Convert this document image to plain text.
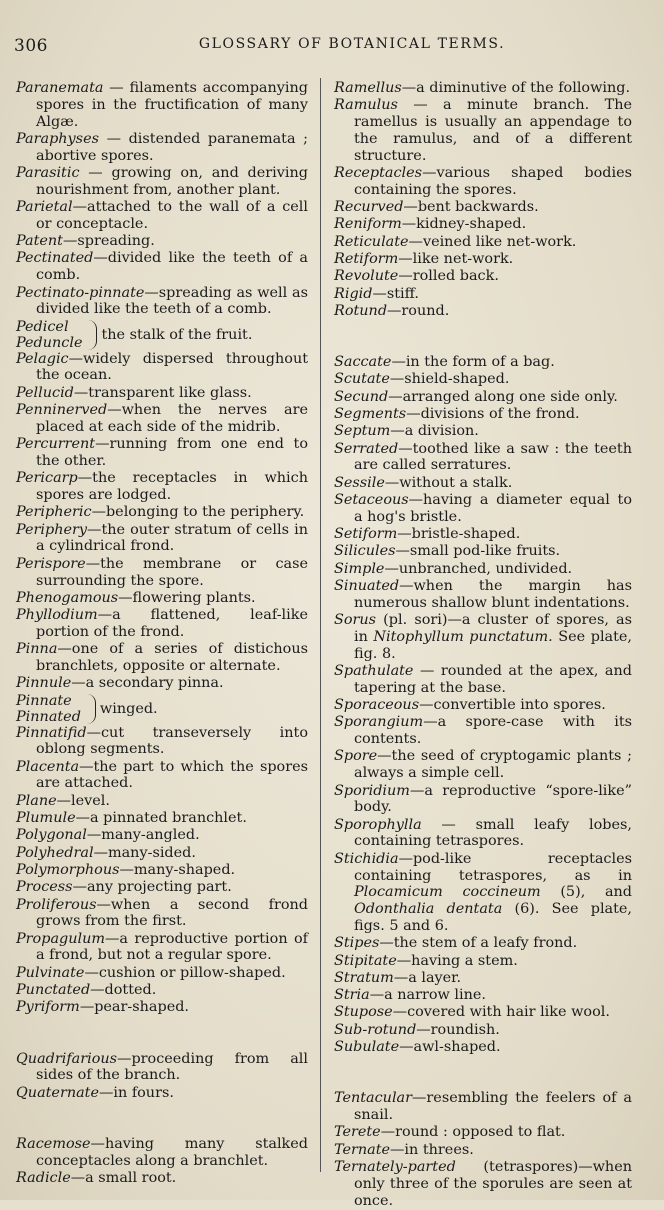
306	GLOSSARY OF BOTANICAL TERMS.

Paranemata — filaments accompanying spores in the fructification of many Algæ.

Paraphyses — distended paranemata ; abortive spores.

Parasitic — growing on, and deriving nourishment from, another plant.

Parietal—attached to the wall of a cell or conceptacle.

Patent—spreading.

Pectinated—divided like the teeth of a comb.

Pectinato-pinnate—spreading as well as divided like the teeth of a comb.

Pedicel
Peduncle the stalk of the fruit.

Pelagic—widely dispersed throughout the ocean.

Pellucid—transparent like glass.

Penninerved—when the nerves are placed at each side of the midrib.

Percurrent—running from one end to the other.

Pericarp—the receptacles in which spores are lodged.

Peripheric—belonging to the periphery.

Periphery—the outer stratum of cells in a cylindrical frond.

Perispore—the membrane or case surrounding the spore.

Phenogamous—flowering plants.

Phyllodium—a flattened, leaf-like portion of the frond.

Pinna—one of a series of distichous branchlets, opposite or alternate.

Pinnule—a secondary pinna.

Pinnate
Pinnated winged.

Pinnatifid—cut transeversely into oblong segments.

Placenta—the part to which the spores are attached.

Plane—level.

Plumule—a pinnated branchlet.

Polygonal—many-angled.

Polyhedral—many-sided.

Polymorphous—many-shaped.

Process—any projecting part.

Proliferous—when a second frond grows from the first.

Propagulum—a reproductive portion of a frond, but not a regular spore.

Pulvinate—cushion or pillow-shaped.

Punctated—dotted.

Pyriform—pear-shaped.

Quadrifarious—proceeding from all sides of the branch.

Quaternate—in fours.

Racemose—having many stalked conceptacles along a branchlet.

Radicle—a small root.

Ramellus—a diminutive of the following.

Ramulus — a minute branch. The ramellus is usually an appendage to the ramulus, and of a different structure.

Receptacles—various shaped bodies containing the spores.

Recurved—bent backwards.

Reniform—kidney-shaped.

Reticulate—veined like net-work.

Retiform—like net-work.

Revolute—rolled back.

Rigid—stiff.

Rotund—round.

Saccate—in the form of a bag.

Scutate—shield-shaped.

Secund—arranged along one side only.

Segments—divisions of the frond.

Septum—a division.

Serrated—toothed like a saw : the teeth are called serratures.

Sessile—without a stalk.

Setaceous—having a diameter equal to a hog's bristle.

Setiform—bristle-shaped.

Silicules—small pod-like fruits.

Simple—unbranched, undivided.

Sinuated—when the margin has numerous shallow blunt indentations.

Sorus (pl. sori)—a cluster of spores, as in Nitophyllum punctatum. See plate, fig. 8.

Spathulate — rounded at the apex, and tapering at the base.

Sporaceous—convertible into spores.

Sporangium—a spore-case with its contents.

Spore—the seed of cryptogamic plants ; always a simple cell.

Sporidium—a reproductive “spore-like” body.

Sporophylla — small leafy lobes, containing tetraspores.

Stichidia—pod-like receptacles containing tetraspores, as in Plocamicum coccineum (5), and Odonthalia dentata (6). See plate, figs. 5 and 6.

Stipes—the stem of a leafy frond.

Stipitate—having a stem.

Stratum—a layer.

Stria—a narrow line.

Stupose—covered with hair like wool.

Sub-rotund—roundish.

Subulate—awl-shaped.

Tentacular—resembling the feelers of a snail.

Terete—round : opposed to flat.

Ternate—in threes.

Ternately-parted (tetraspores)—when only three of the sporules are seen at once.
